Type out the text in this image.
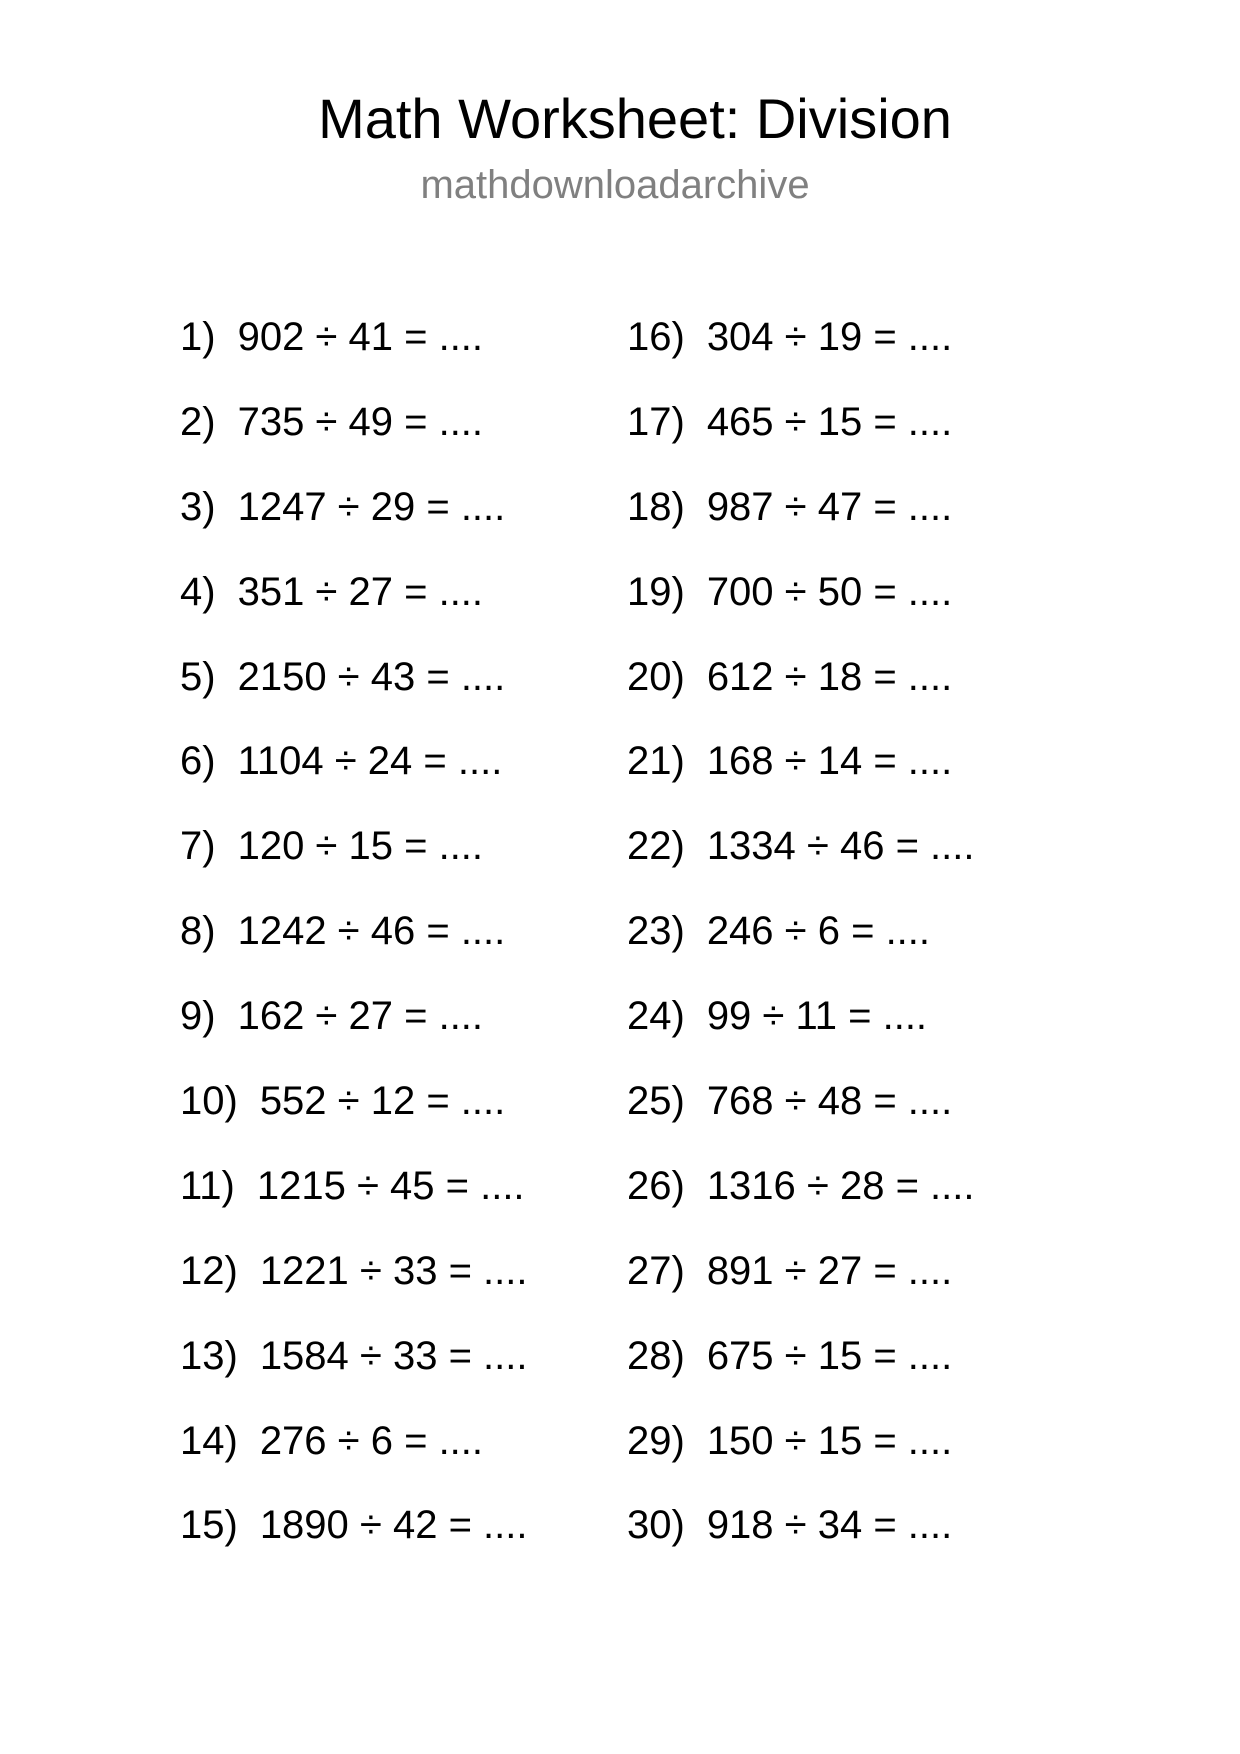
Math Worksheet: Division
mathdownloadarchive
1) 902 ÷ 41 = ....
2) 735 ÷ 49 = ....
3) 1247 ÷ 29 = ....
4) 351 ÷ 27 = ....
5) 2150 ÷ 43 = ....
6) 1104 ÷ 24 = ....
7) 120 ÷ 15 = ....
8) 1242 ÷ 46 = ....
9) 162 ÷ 27 = ....
10) 552 ÷ 12 = ....
11) 1215 ÷ 45 = ....
12) 1221 ÷ 33 = ....
13) 1584 ÷ 33 = ....
14) 276 ÷ 6 = ....
15) 1890 ÷ 42 = ....
16) 304 ÷ 19 = ....
17) 465 ÷ 15 = ....
18) 987 ÷ 47 = ....
19) 700 ÷ 50 = ....
20) 612 ÷ 18 = ....
21) 168 ÷ 14 = ....
22) 1334 ÷ 46 = ....
23) 246 ÷ 6 = ....
24) 99 ÷ 11 = ....
25) 768 ÷ 48 = ....
26) 1316 ÷ 28 = ....
27) 891 ÷ 27 = ....
28) 675 ÷ 15 = ....
29) 150 ÷ 15 = ....
30) 918 ÷ 34 = ....
